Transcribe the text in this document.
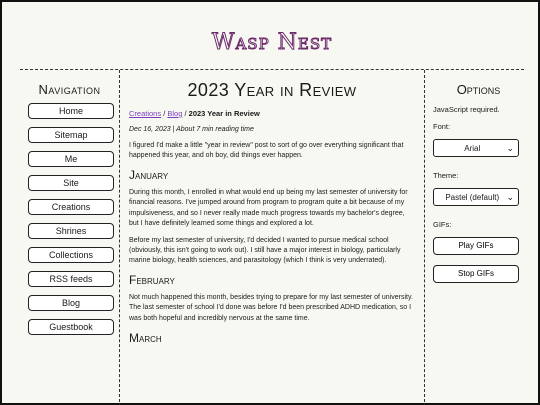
Wasp Nest
Navigation
Home
Sitemap
Me
Site
Creations
Shrines
Collections
RSS feeds
Blog
Guestbook
2023 Year in Review
Creations / Blog / 2023 Year in Review
Dec 16, 2023 | About 7 min reading time

I figured I'd make a little "year in review" post to sort of go over everything significant that happened this year, and oh boy, did things ever happen.

January

During this month, I enrolled in what would end up being my last semester of university for financial reasons. I've jumped around from program to program quite a bit because of my impulsiveness, and so I never really made much progress towards my bachelor's degree, but I have definitely learned some things and explored a lot.

Before my last semester of university, I'd decided I wanted to pursue medical school (obviously, this isn't going to work out). I still have a major interest in biology, particularly marine biology, health sciences, and parasitology (which I think is very underrated).

February

Not much happened this month, besides trying to prepare for my last semester of university. The last semester of school I'd done was before I'd been prescribed ADHD medication, so I was both hopeful and incredibly nervous at the same time.

March
Options
JavaScript required.
Font:
Arial	⌄
Theme:
Pastel (default) ⌄
GIFs:
Play GIFs
Stop GIFs
